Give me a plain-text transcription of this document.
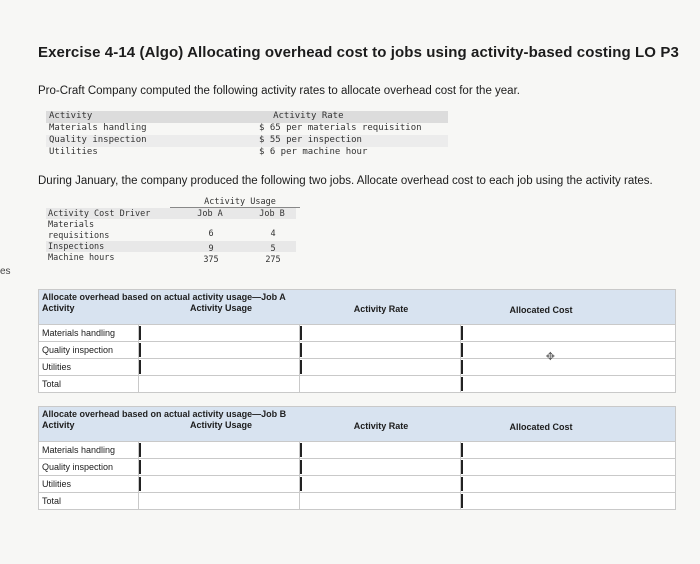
es
Exercise 4-14 (Algo) Allocating overhead cost to jobs using activity-based costing LO P3
Pro-Craft Company computed the following activity rates to allocate overhead cost for the year.
Activity	Activity Rate
Materials handling	$ 65 per materials requisition
Quality inspection	$ 55 per inspection
Utilities	$ 6 per machine hour
During January, the company produced the following two jobs. Allocate overhead cost to each job using the activity rates.
Activity Usage
Activity Cost Driver	Job A	Job B
Materials
requisitions	6	4
Inspections	9	5
Machine hours	375	275
Allocate overhead based on actual activity usage—Job A
Activity	Activity Usage	Activity Rate	Allocated Cost
Materials handling
Quality inspection
Utilities
Total
✥
Allocate overhead based on actual activity usage—Job B
Activity	Activity Usage	Activity Rate	Allocated Cost
Materials handling
Quality inspection
Utilities
Total
